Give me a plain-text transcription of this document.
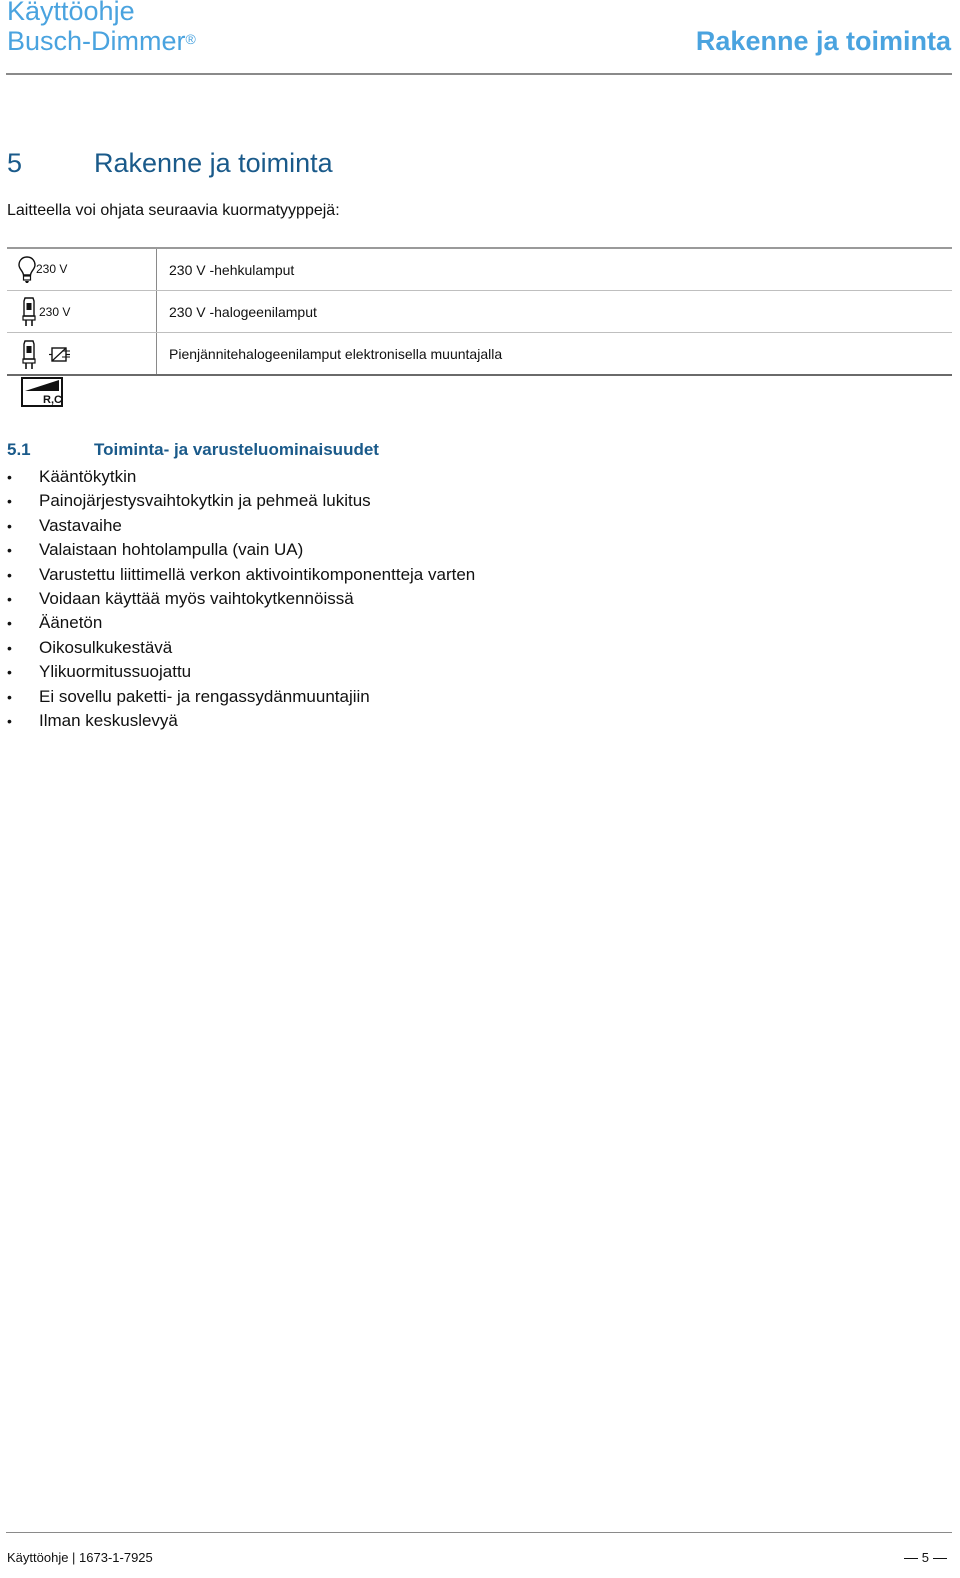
Käyttöohje
Busch-Dimmer®	Rakenne ja toiminta
5	Rakenne ja toiminta
Laitteella voi ohjata seuraavia kuormatyyppejä:
230 V	230 V -hehkulamput

230 V	230 V -halogeenilamput

	Pienjännitehalogeenilamput elektronisella muuntajalla
R,C
5.1	Toiminta- ja varusteluominaisuudet
• Kääntökytkin
• Painojärjestysvaihtokytkin ja pehmeä lukitus
• Vastavaihe
• Valaistaan hohtolampulla (vain UA)
• Varustettu liittimellä verkon aktivointikomponentteja varten
• Voidaan käyttää myös vaihtokytkennöissä
• Äänetön
• Oikosulkukestävä
• Ylikuormitussuojattu
• Ei sovellu paketti- ja rengassydänmuuntajiin
• Ilman keskuslevyä
Käyttöohje | 1673-1-7925	5
